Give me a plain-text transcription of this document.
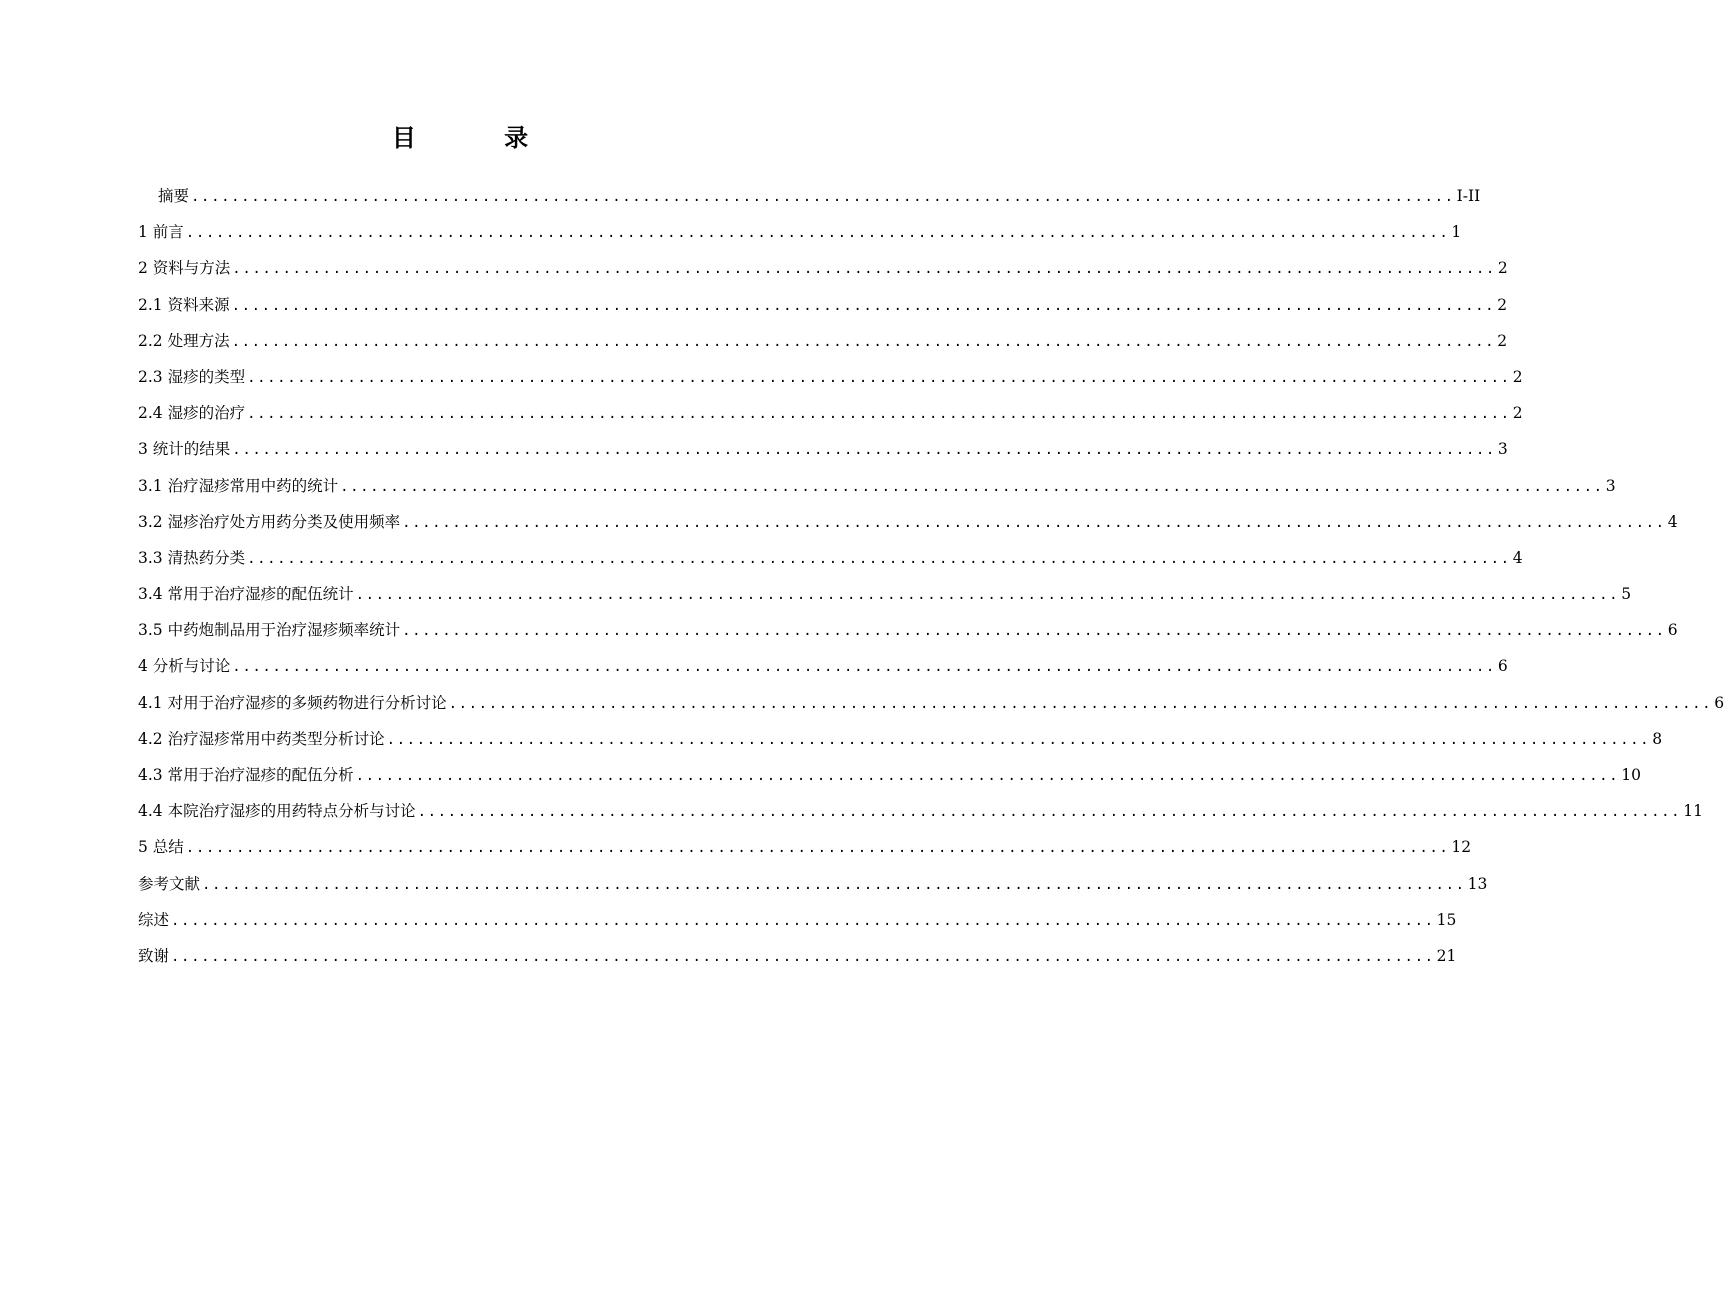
目 录
摘要 .............................................................................................................................. I-II
1 前言 .............................................................................................................................. 1
2 资料与方法 .............................................................................................................................. 2
2.1 资料来源 .............................................................................................................................. 2
2.2 处理方法 .............................................................................................................................. 2
2.3 湿疹的类型 .............................................................................................................................. 2
2.4 湿疹的治疗 .............................................................................................................................. 2
3 统计的结果 .............................................................................................................................. 3
3.1 治疗湿疹常用中药的统计 .............................................................................................................................. 3
3.2 湿疹治疗处方用药分类及使用频率 .............................................................................................................................. 4
3.3 清热药分类 .............................................................................................................................. 4
3.4 常用于治疗湿疹的配伍统计 .............................................................................................................................. 5
3.5 中药炮制品用于治疗湿疹频率统计 .............................................................................................................................. 6
4 分析与讨论 .............................................................................................................................. 6
4.1 对用于治疗湿疹的多频药物进行分析讨论 .............................................................................................................................. 6
4.2 治疗湿疹常用中药类型分析讨论 .............................................................................................................................. 8
4.3 常用于治疗湿疹的配伍分析 .............................................................................................................................. 10
4.4 本院治疗湿疹的用药特点分析与讨论 .............................................................................................................................. 11
5 总结 .............................................................................................................................. 12
参考文献 .............................................................................................................................. 13
综述 .............................................................................................................................. 15
致谢 .............................................................................................................................. 21
